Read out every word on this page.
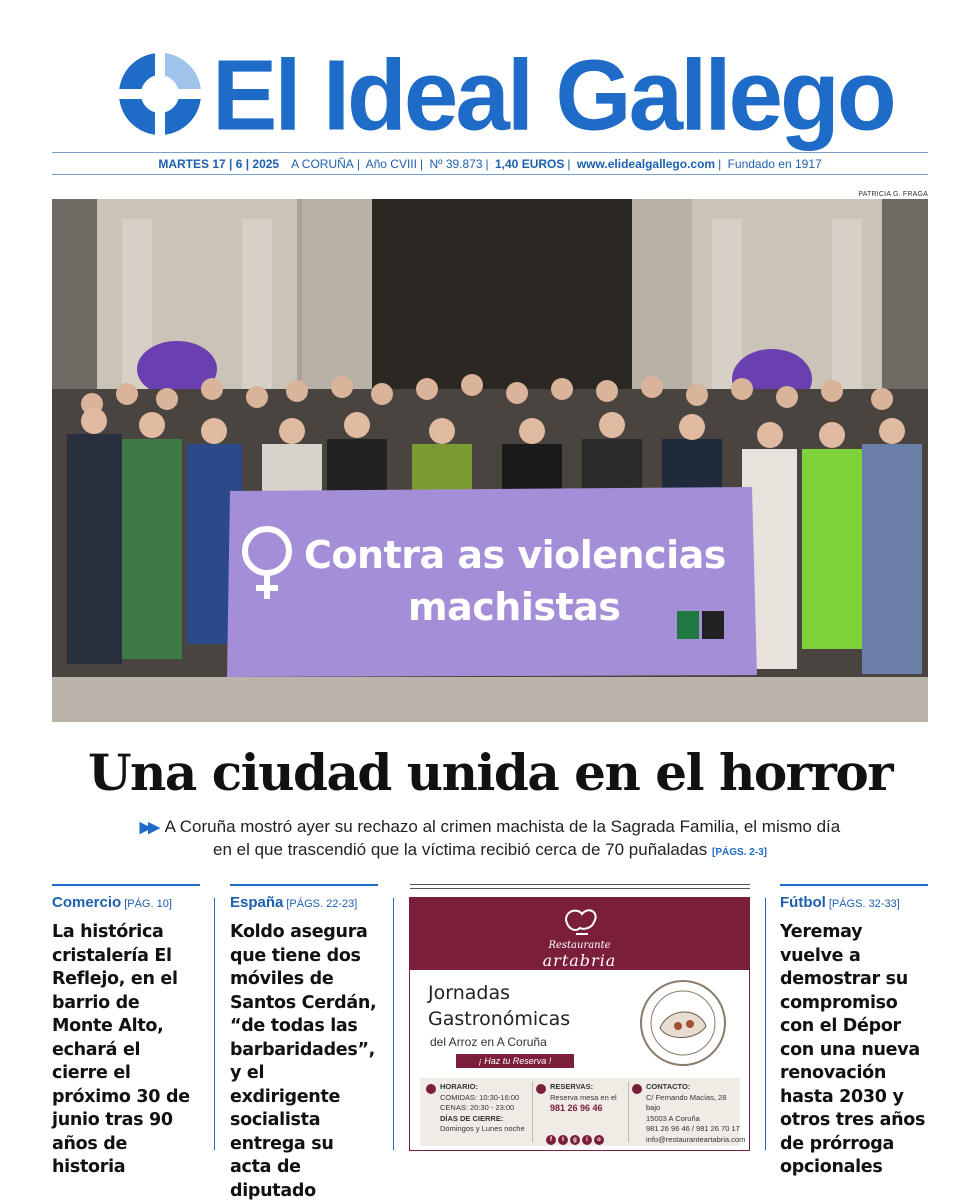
El Ideal Gallego
MARTES 17 | 6 | 2025 A CORUÑA | Año CVIII | Nº 39.873 | 1,40 EUROS | www.elidealgallego.com | Fundado en 1917
PATRICIA G. FRAGA
Contra as violencias
machistas
Una ciudad unida en el horror
▶▶ A Coruña mostró ayer su rechazo al crimen machista de la Sagrada Familia, el mismo día
en el que trascendió que la víctima recibió cerca de 70 puñaladas [PÁGS. 2-3]
Comercio [PÁG. 10]
La histórica cristalería El Reflejo, en el barrio de Monte Alto, echará el cierre el próximo 30 de junio tras 90 años de historia
España [PÁGS. 22-23]
Koldo asegura que tiene dos móviles de Santos Cerdán, “de todas las barbaridades”, y el exdirigente socialista entrega su acta de diputado
Restaurante
artabria
Jornadas
Gastronómicas
del Arroz en A Coruña
¡ Haz tu Reserva !
HORARIO:
COMIDAS: 10:30-16:00
CENAS: 20:30 - 23:00
DÍAS DE CIERRE:
Domingos y Lunes noche
RESERVAS:
Reserva mesa en el
981 26 96 46
f t g i o
CONTACTO:
C/ Fernando Macías, 28 bajo
15003 A Coruña
981 26 96 46 / 981 26 70 17
info@restauranteartabria.com
Fútbol [PÁGS. 32-33]
Yeremay vuelve a demostrar su compromiso con el Dépor con una nueva renovación hasta 2030 y otros tres años de prórroga opcionales
